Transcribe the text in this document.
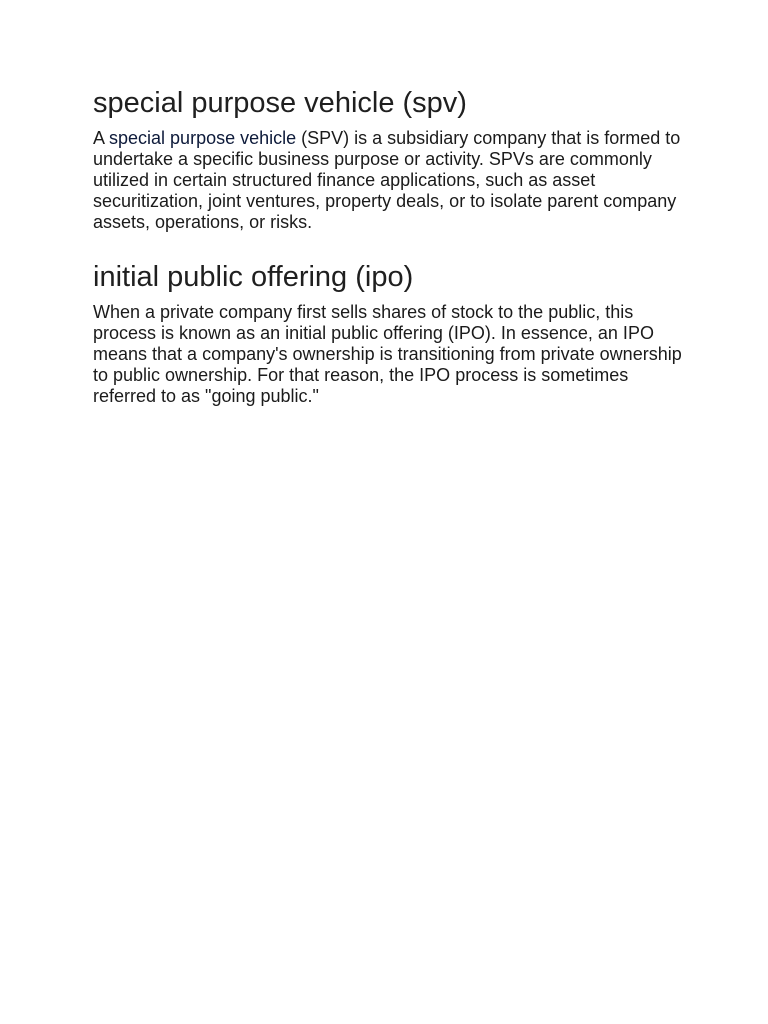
special purpose vehicle (spv)

A special purpose vehicle (SPV) is a subsidiary company that is formed to undertake a specific business purpose or activity. SPVs are commonly utilized in certain structured finance applications, such as asset securitization, joint ventures, property deals, or to isolate parent company assets, operations, or risks.

initial public offering (ipo)

When a private company first sells shares of stock to the public, this process is known as an initial public offering (IPO). In essence, an IPO means that a company's ownership is transitioning from private ownership to public ownership. For that reason, the IPO process is sometimes referred to as "going public."
